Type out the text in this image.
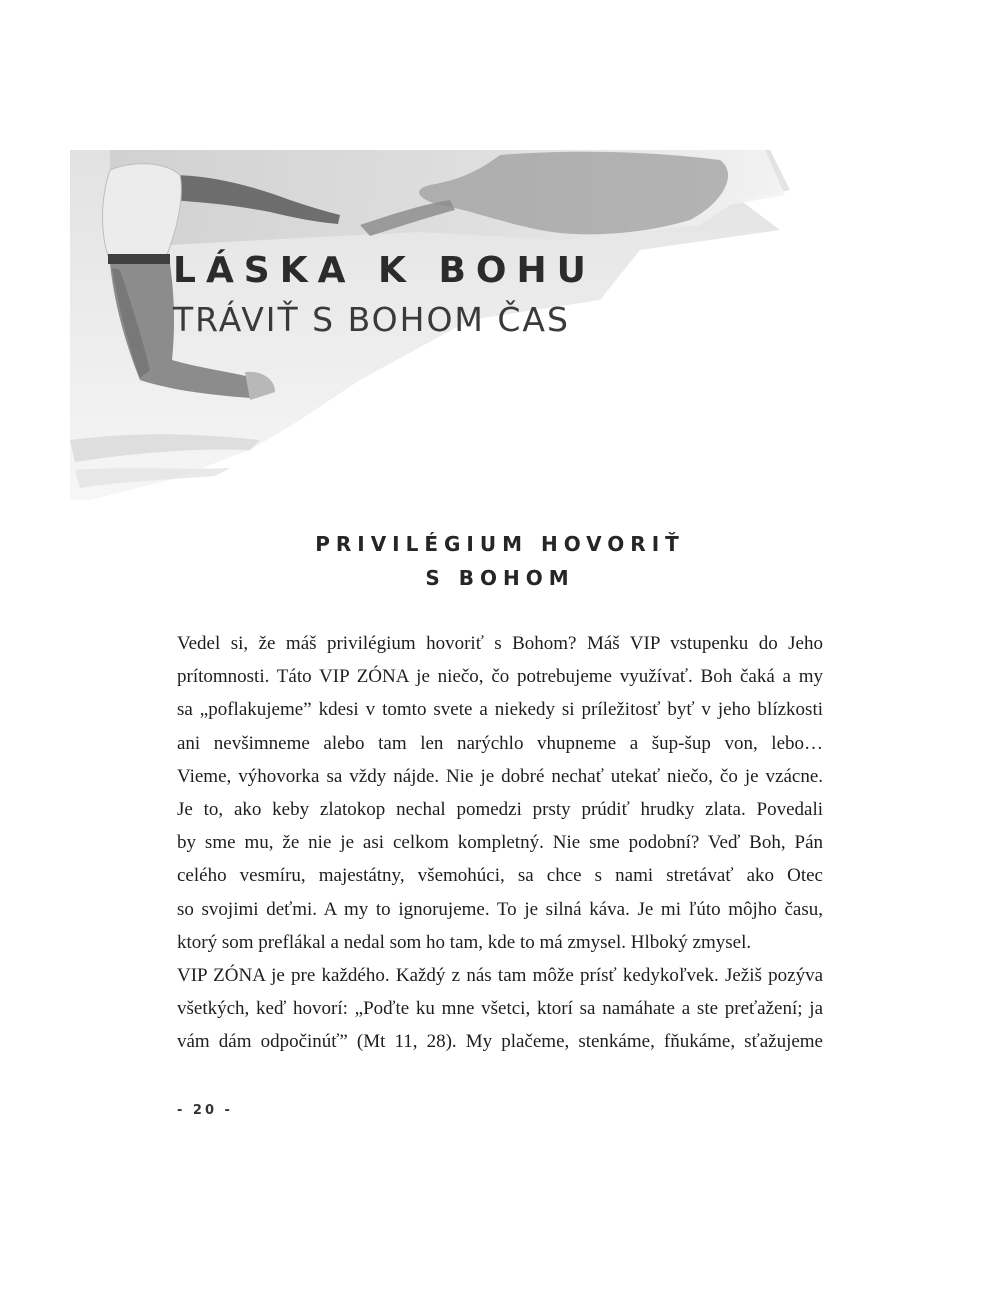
LÁSKA K BOHU
TRÁVIŤ S BOHOM ČAS
PRIVILÉGIUM HOVORIŤ
S BOHOM
Vedel si, že máš privilégium hovoriť s Bohom? Máš VIP vstupenku do Jeho
prítomnosti. Táto VIP ZÓNA je niečo, čo potrebujeme využívať. Boh čaká a my
sa „poflakujeme” kdesi v tomto svete a niekedy si príležitosť byť v jeho blízkosti
ani nevšimneme alebo tam len narýchlo vhupneme a šup-šup von, lebo…
Vieme, výhovorka sa vždy nájde. Nie je dobré nechať utekať niečo, čo je vzácne.
Je to, ako keby zlatokop nechal pomedzi prsty prúdiť hrudky zlata. Povedali
by sme mu, že nie je asi celkom kompletný. Nie sme podobní? Veď Boh, Pán
celého vesmíru, majestátny, všemohúci, sa chce s nami stretávať ako Otec
so svojimi deťmi. A my to ignorujeme. To je silná káva. Je mi ľúto môjho času,
ktorý som preflákal a nedal som ho tam, kde to má zmysel. Hlboký zmysel.
VIP ZÓNA je pre každého. Každý z nás tam môže prísť kedykoľvek. Ježiš pozýva
všetkých, keď hovorí: „Poďte ku mne všetci, ktorí sa namáhate a ste preťažení; ja
vám dám odpočinúť” (Mt 11, 28). My plačeme, stenkáme, fňukáme, sťažujeme
- 20 -
